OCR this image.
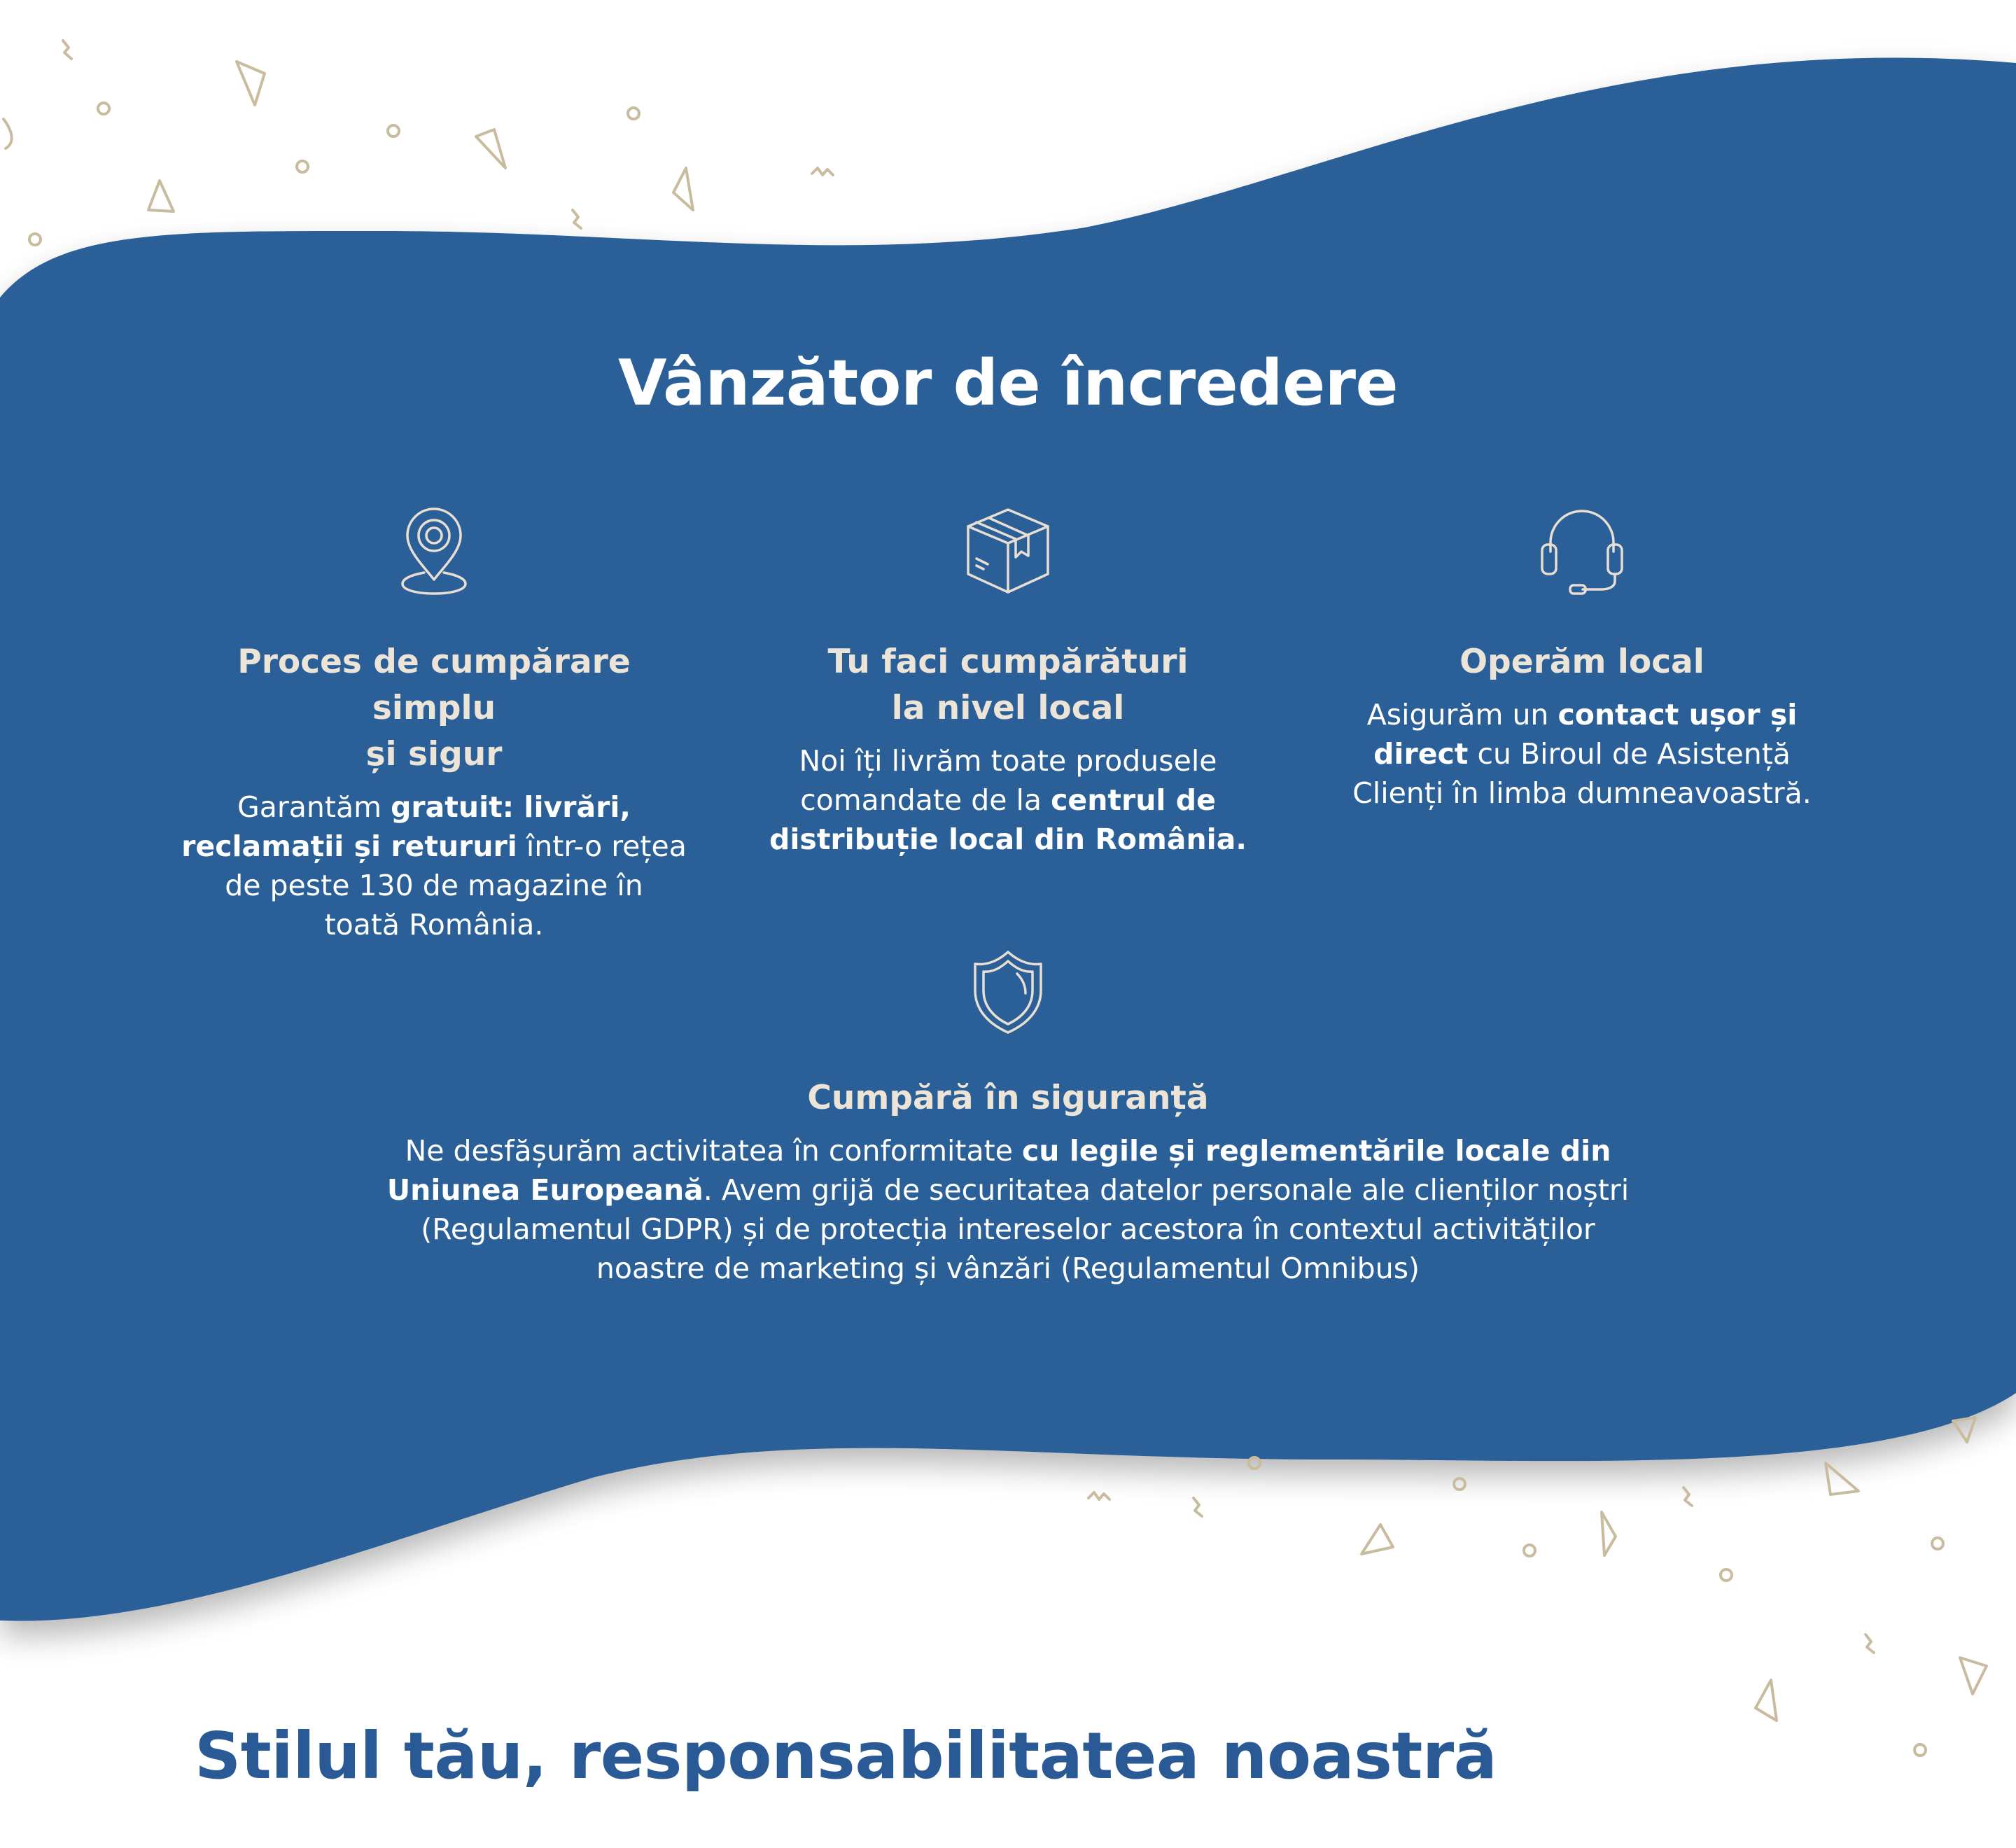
Vânzător de încredere

Proces de cumpărare simplu
și sigur

Garantăm gratuit: livrări,
reclamații și retururi într-o rețea
de peste 130 de magazine în
toată România.

Tu faci cumpărături
la nivel local

Noi îți livrăm toate produsele
comandate de la centrul de
distribuție local din România.

Operăm local

Asigurăm un contact ușor și
direct cu Biroul de Asistență
Clienți în limba dumneavoastră.

Cumpără în siguranță

Ne desfășurăm activitatea în conformitate cu legile și reglementările locale din
Uniunea Europeană. Avem grijă de securitatea datelor personale ale clienților noștri
(Regulamentul GDPR) și de protecția intereselor acestora în contextul activităților
noastre de marketing și vânzări (Regulamentul Omnibus)

Stilul tău, responsabilitatea noastră
